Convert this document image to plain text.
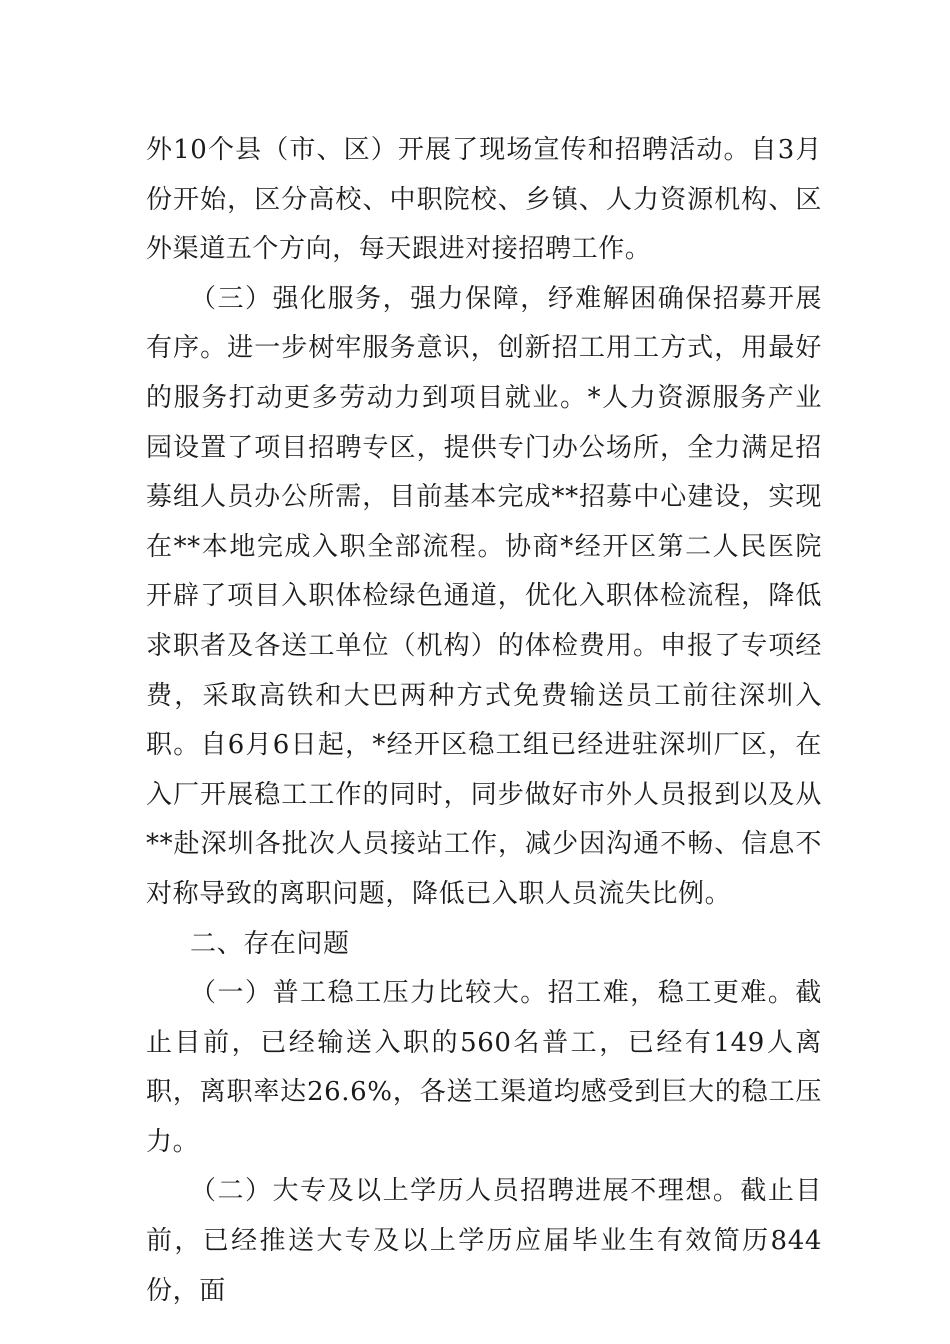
外10个县（市、区）开展了现场宣传和招聘活动。自3月份开始，区分高校、中职院校、乡镇、人力资源机构、区外渠道五个方向，每天跟进对接招聘工作。

（三）强化服务，强力保障，纾难解困确保招募开展有序。进一步树牢服务意识，创新招工用工方式，用最好的服务打动更多劳动力到项目就业。*人力资源服务产业园设置了项目招聘专区，提供专门办公场所，全力满足招募组人员办公所需，目前基本完成**招募中心建设，实现在**本地完成入职全部流程。协商*经开区第二人民医院开辟了项目入职体检绿色通道，优化入职体检流程，降低求职者及各送工单位（机构）的体检费用。申报了专项经费，采取高铁和大巴两种方式免费输送员工前往深圳入职。自6月6日起，*经开区稳工组已经进驻深圳厂区，在入厂开展稳工工作的同时，同步做好市外人员报到以及从**赴深圳各批次人员接站工作，减少因沟通不畅、信息不对称导致的离职问题，降低已入职人员流失比例。

二、存在问题

（一）普工稳工压力比较大。招工难，稳工更难。截止目前，已经输送入职的560名普工，已经有149人离职，离职率达26.6%，各送工渠道均感受到巨大的稳工压力。

（二）大专及以上学历人员招聘进展不理想。截止目前，已经推送大专及以上学历应届毕业生有效简历844份，面
